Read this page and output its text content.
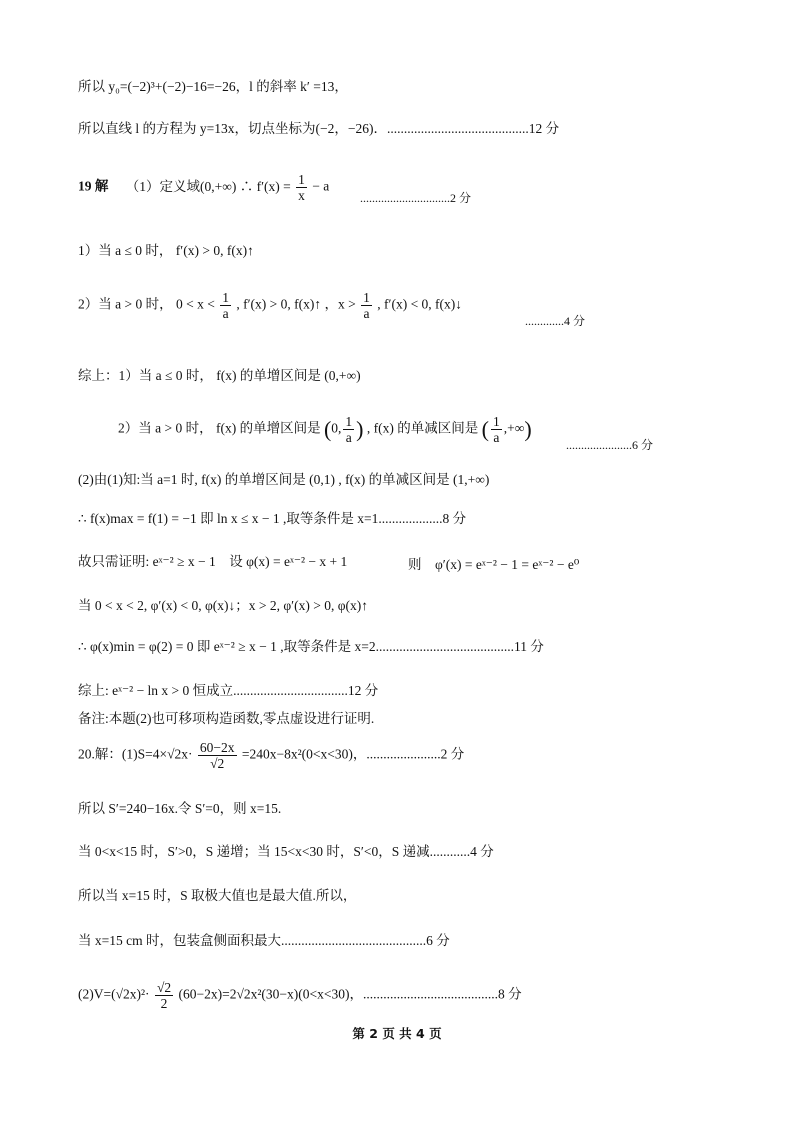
所以 y₀=(−2)³+(−2)−16=−26，l 的斜率 k′ =13，
所以直线 l 的方程为 y=13x，切点坐标为(−2，−26)．..........................................12 分
19 解 （1）定义域(0,+∞) ∴ $f'(x) = \frac{1}{x} - a$
..............................2 分
1）当 a ≤ 0 时， f′(x) > 0, f(x)↑
2）当 a > 0 时， $0 < x < \frac{1}{a}$ , f′(x) > 0, f(x)↑ ，$x > \frac{1}{a}$ , f′(x) < 0, f(x)↓
.............4 分
综上：1）当 a ≤ 0 时， f(x) 的单增区间是 (0,+∞)
2）当 a > 0 时， f(x) 的单增区间是 (0, $\frac{1}{a}$ ) , f(x) 的单减区间是 ( $\frac{1}{a}$ ,+∞)
......................6 分
(2)由(1)知:当 a=1 时, f(x) 的单增区间是 (0,1) , f(x) 的单减区间是 (1,+∞)
∴ f(x)max = f(1) = −1 即 ln x ≤ x − 1 ,取等条件是 x=1...................8 分
故只需证明: eˣ⁻² ≥ x − 1　设 φ(x) = eˣ⁻² − x + 1	则　φ′(x) = eˣ⁻² − 1 = eˣ⁻² − e⁰
当 0 < x < 2, φ′(x) < 0, φ(x)↓；x > 2, φ′(x) > 0, φ(x)↑
∴ φ(x)min = φ(2) = 0 即 eˣ⁻² ≥ x − 1 ,取等条件是 x=2.........................................11 分
综上: eˣ⁻² − ln x > 0 恒成立..................................12 分
备注:本题(2)也可移项构造函数,零点虚设进行证明.
20.解：$(1)S=4\times√2x\cdot \frac{60-2x}{√2} =240x-8x^2(0<x<30)$，......................2 分
所以 S′=240−16x.令 S′=0，则 x=15.
当 0<x<15 时，S′>0，S 递增；当 15<x<30 时，S′<0，S 递减............4 分
所以当 x=15 时，S 取极大值也是最大值.所以，
当 x=15 cm 时，包装盒侧面积最大...........................................6 分
$(2)V=(√2x)^2\cdot \frac{√2}{2} (60-2x)=2√2x^2(30-x)(0<x<30)$，........................................8 分
第 2 页 共 4 页
